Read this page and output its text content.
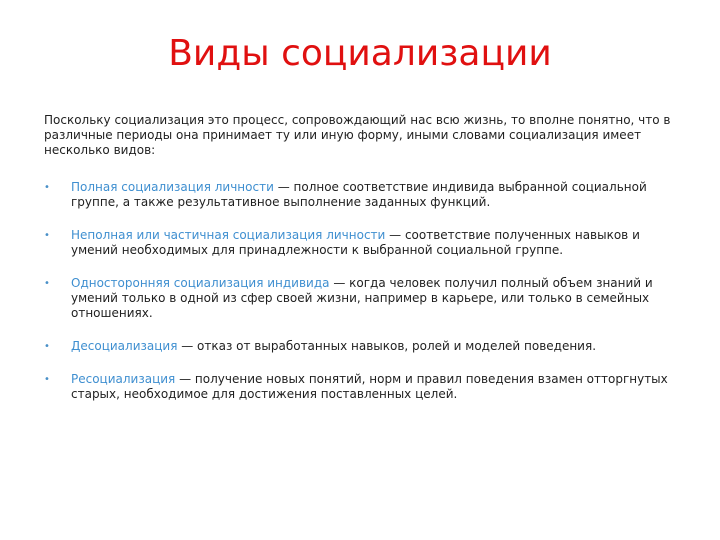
Виды социализации

Поскольку социализация это процесс, сопровождающий нас всю жизнь, то вполне понятно, что в различные периоды она принимает ту или иную форму, иными словами социализация имеет несколько видов:

• Полная социализация личности — полное соответствие индивида выбранной социальной группе, а также результативное выполнение заданных функций.
• Неполная или частичная социализация личности — соответствие полученных навыков и умений необходимых для принадлежности к выбранной социальной группе.
• Односторонняя социализация индивида — когда человек получил полный объем знаний и умений только в одной из сфер своей жизни, например в карьере, или только в семейных отношениях.
• Десоциализация — отказ от выработанных навыков, ролей и моделей поведения.
• Ресоциализация — получение новых понятий, норм и правил поведения взамен отторгнутых старых, необходимое для достижения поставленных целей.
